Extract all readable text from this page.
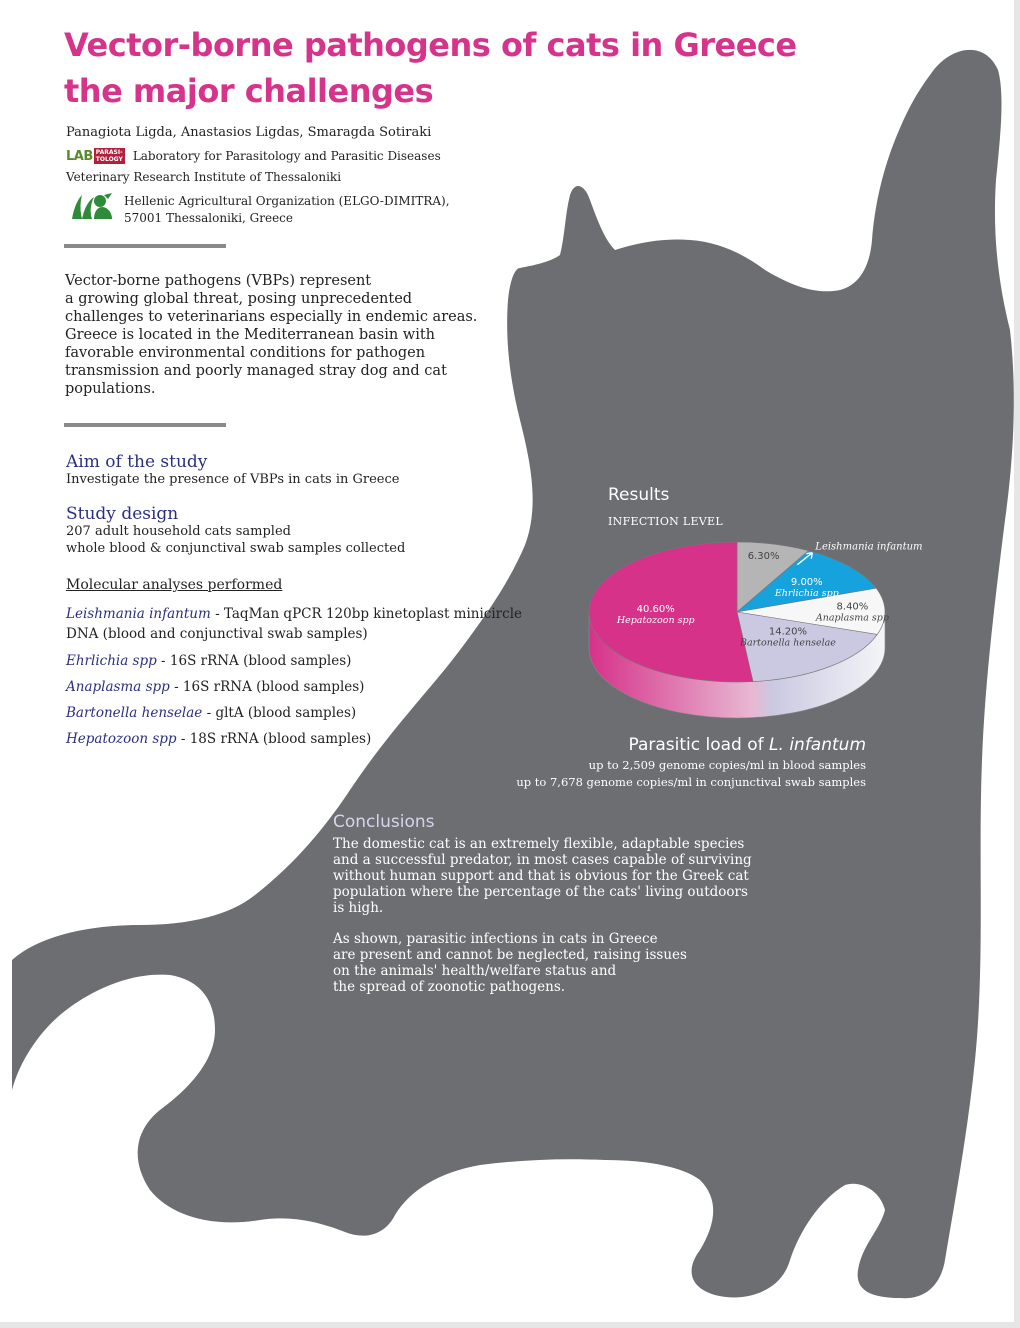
Vector-borne pathogens of cats in Greece
the major challenges
Panagiota Ligda, Anastasios Ligdas, Smaragda Sotiraki
LAB PARASI-
TOLOGY Laboratory for Parasitology and Parasitic Diseases
Veterinary Research Institute of Thessaloniki
Hellenic Agricultural Organization (ELGO-DIMITRA),
57001 Thessaloniki, Greece
Vector-borne pathogens (VBPs) represent
a growing global threat, posing unprecedented
challenges to veterinarians especially in endemic areas.
Greece is located in the Mediterranean basin with
favorable environmental conditions for pathogen
transmission and poorly managed stray dog and cat
populations.
Aim of the study
Investigate the presence of VBPs in cats in Greece
Study design
207 adult household cats sampled
whole blood & conjunctival swab samples collected
Molecular analyses performed
Leishmania infantum - TaqMan qPCR 120bp kinetoplast minicircle DNA (blood and conjunctival swab samples)
Ehrlichia spp - 16S rRNA (blood samples)
Anaplasma spp - 16S rRNA (blood samples)
Bartonella henselae - gltA (blood samples)
Hepatozoon spp - 18S rRNA (blood samples)
Results
INFECTION LEVEL
6.30%
Leishmania infantum
9.00%
Ehrlichia spp
8.40%
Anaplasma spp
14.20%
Bartonella henselae
40.60%
Hepatozoon spp
Parasitic load of L. infantum
up to 2,509 genome copies/ml in blood samples
up to 7,678 genome copies/ml in conjunctival swab samples
Conclusions

The domestic cat is an extremely flexible, adaptable species

and a successful predator, in most cases capable of surviving

without human support and that is obvious for the Greek cat

population where the percentage of the cats' living outdoors

is high.

As shown, parasitic infections in cats in Greece

are present and cannot be neglected, raising issues

on the animals' health/welfare status and

the spread of zoonotic pathogens.
